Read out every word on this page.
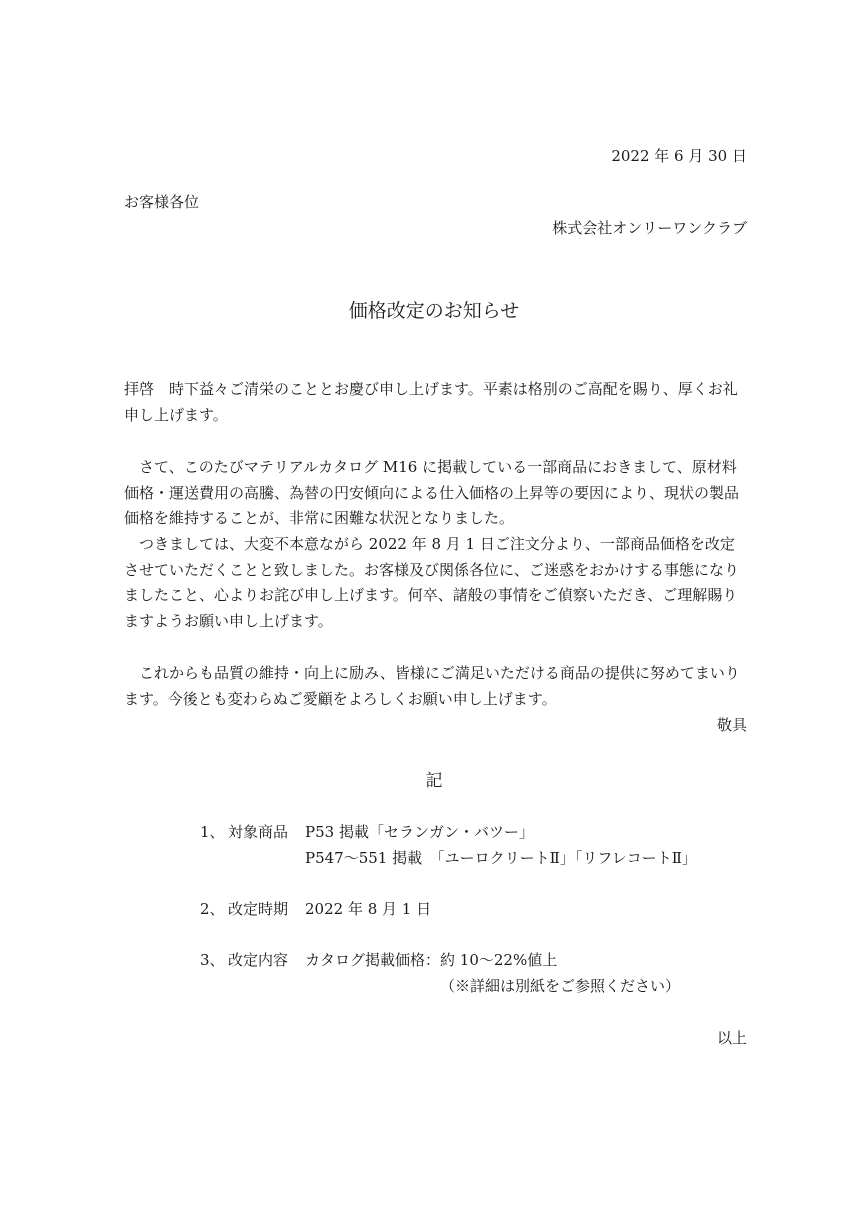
2022 年 6 月 30 日
お客様各位
株式会社オンリーワンクラブ
価格改定のお知らせ

拝啓　時下益々ご清栄のこととお慶び申し上げます。平素は格別のご高配を賜り、厚くお礼

申し上げます。

　さて、このたびマテリアルカタログ M16 に掲載している一部商品におきまして、原材料

価格・運送費用の高騰、為替の円安傾向による仕入価格の上昇等の要因により、現状の製品

価格を維持することが、非常に困難な状況となりました。

　つきましては、大変不本意ながら 2022 年 8 月 1 日ご注文分より、一部商品価格を改定

させていただくことと致しました。お客様及び関係各位に、ご迷惑をおかけする事態になり

ましたこと、心よりお詫び申し上げます。何卒、諸般の事情をご偵察いただき、ご理解賜り

ますようお願い申し上げます。

　これからも品質の維持・向上に励み、皆様にご満足いただける商品の提供に努めてまいり

ます。今後とも変わらぬご愛顧をよろしくお願い申し上げます。

敬具
記
1、 対象商品 P53 掲載「セランガン・バツー」
P547〜551 掲載　「ユーロクリートⅡ」「リフレコートⅡ」
2、 改定時期 2022 年 8 月 1 日
3、 改定内容 カタログ掲載価格：約 10〜22%値上
（※詳細は別紙をご参照ください）
以上
